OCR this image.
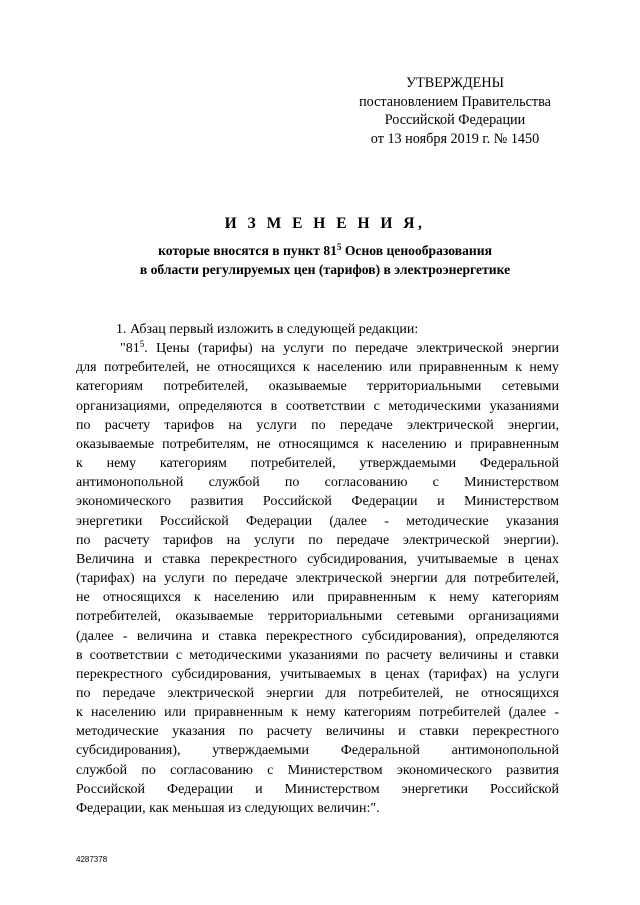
УТВЕРЖДЕНЫ
постановлением Правительства
Российской Федерации
от 13 ноября 2019 г. № 1450
И З М Е Н Е Н И Я,
которые вносятся в пункт $81^5$ Основ ценообразования
в области регулируемых цен (тарифов) в электроэнергетике
1. Абзац первый изложить в следующей редакции:
"$81^5$. Цены (тарифы) на услуги по передаче электрической энергии
для потребителей, не относящихся к населению или приравненным к нему
категориям потребителей, оказываемые территориальными сетевыми
организациями, определяются в соответствии с методическими указаниями
по расчету тарифов на услуги по передаче электрической энергии,
оказываемые потребителям, не относящимся к населению и приравненным
к нему категориям потребителей, утверждаемыми Федеральной
антимонопольной службой по согласованию с Министерством
экономического развития Российской Федерации и Министерством
энергетики Российской Федерации (далее - методические указания
по расчету тарифов на услуги по передаче электрической энергии).
Величина и ставка перекрестного субсидирования, учитываемые в ценах
(тарифах) на услуги по передаче электрической энергии для потребителей,
не относящихся к населению или приравненным к нему категориям
потребителей, оказываемые территориальными сетевыми организациями
(далее - величина и ставка перекрестного субсидирования), определяются
в соответствии с методическими указаниями по расчету величины и ставки
перекрестного субсидирования, учитываемых в ценах (тарифах) на услуги
по передаче электрической энергии для потребителей, не относящихся
к населению или приравненным к нему категориям потребителей (далее -
методические указания по расчету величины и ставки перекрестного
субсидирования), утверждаемыми Федеральной антимонопольной
службой по согласованию с Министерством экономического развития
Российской Федерации и Министерством энергетики Российской
Федерации, как меньшая из следующих величин:".
4287378
